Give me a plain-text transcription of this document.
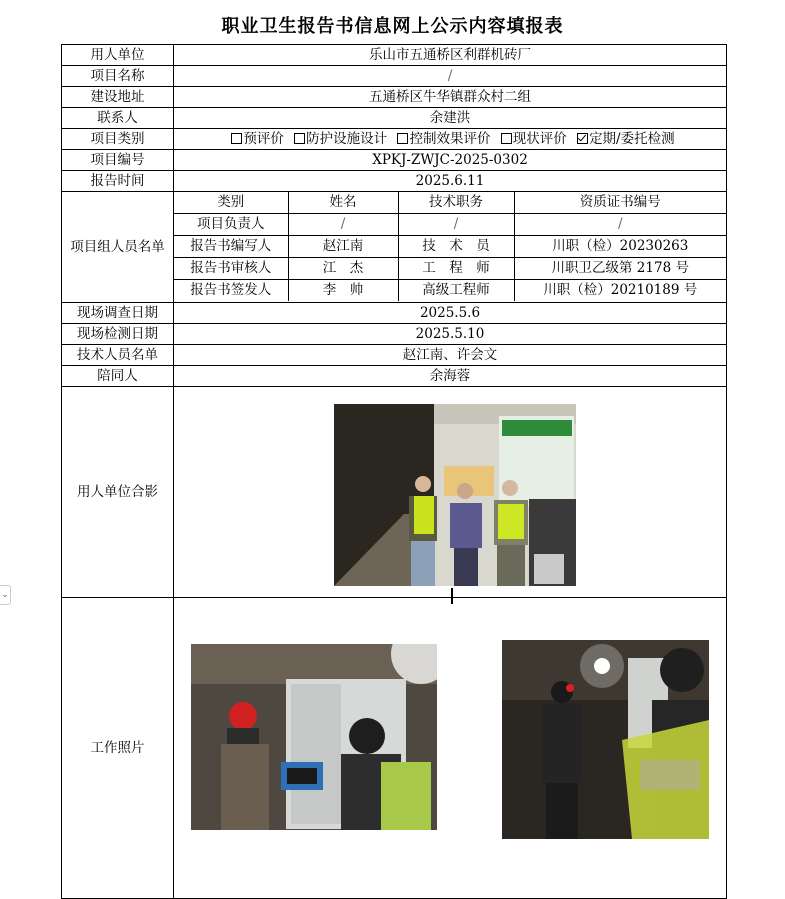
职业卫生报告书信息网上公示内容填报表
用人单位	乐山市五通桥区利群机砖厂
项目名称	/
建设地址	五通桥区牛华镇群众村二组
联系人	余建洪
项目类别	预评价 防护设施设计 控制效果评价 现状评价 定期/委托检测
项目编号	XPKJ-ZWJC-2025-0302
报告时间	2025.6.11
项目组人员名单	
类别	姓名	技术职务	资质证书编号
项目负责人	/	/	/
报告书编写人	赵江南	技　术　员	川职（检）20230263
报告书审核人	江　杰	工　程　师	川职卫乙级第 2178 号
报告书签发人	李　帅	高级工程师	川职（检）20210189 号

现场调查日期	2025.5.6
现场检测日期	2025.5.10
技术人员名单	赵江南、许会文
陪同人	余海蓉
用人单位合影	
工作照片	
⌄
